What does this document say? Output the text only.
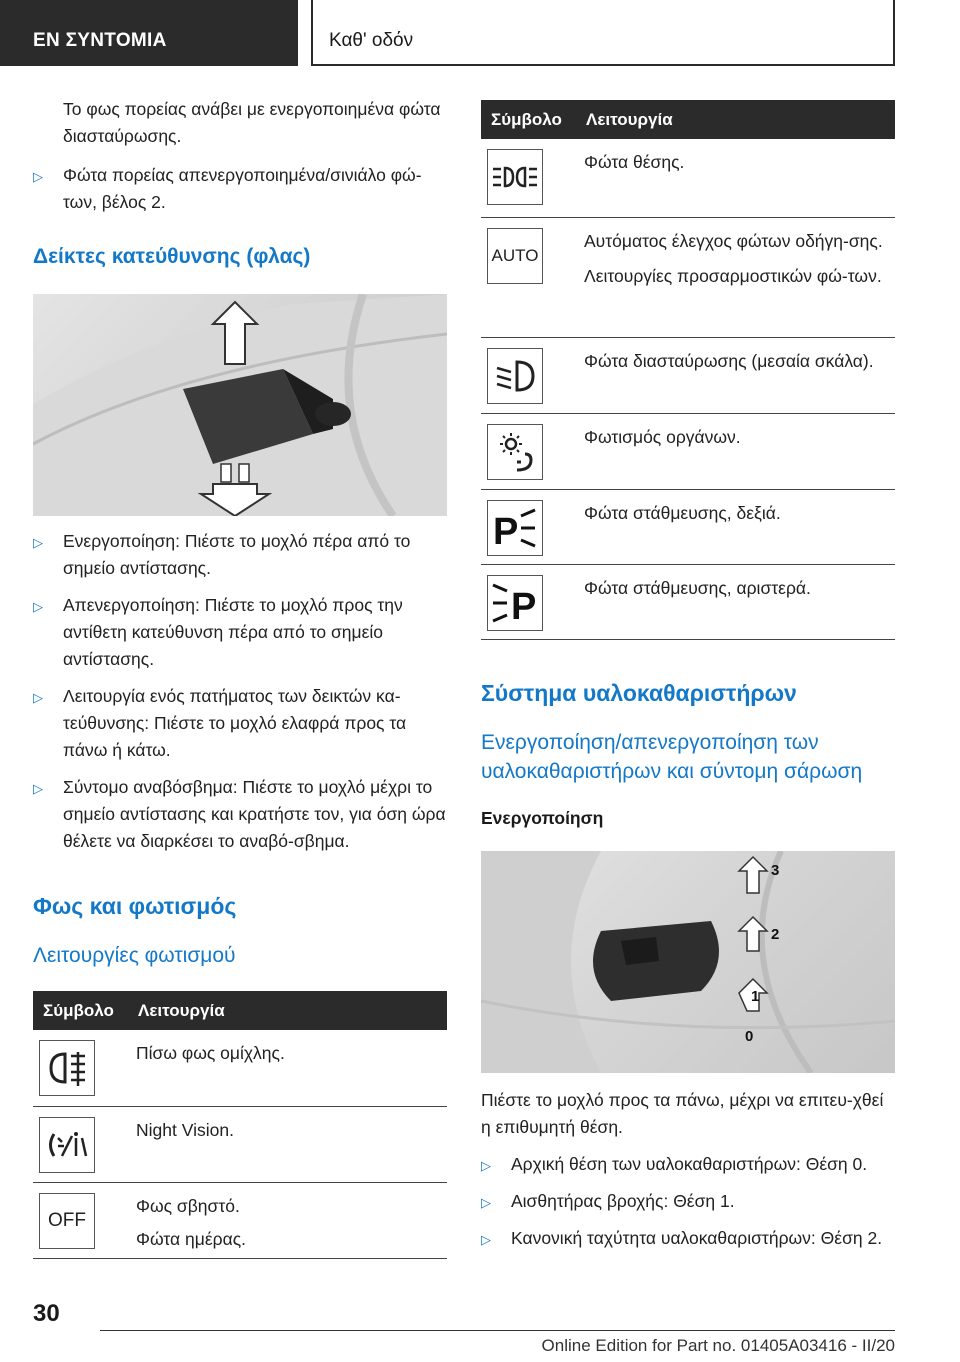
ΕΝ ΣΥΝΤΟΜΙΑ	Καθ' οδόν

Το φως πορείας ανάβει με ενεργοποιημένα φώτα διασταύρωσης.

▷ Φώτα πορείας απενεργοποιημένα/σινιάλο φώ‐των, βέλος 2.
Δείκτες κατεύθυνσης (φλας)
▷ Ενεργοποίηση: Πιέστε το μοχλό πέρα από το σημείο αντίστασης.
▷ Απενεργοποίηση: Πιέστε το μοχλό προς την αντίθετη κατεύθυνση πέρα από το σημείο αντίστασης.
▷ Λειτουργία ενός πατήματος των δεικτών κα‐τεύθυνσης: Πιέστε το μοχλό ελαφρά προς τα πάνω ή κάτω.
▷ Σύντομο αναβόσβημα: Πιέστε το μοχλό μέχρι το σημείο αντίστασης και κρατήστε τον, για όση ώρα θέλετε να διαρκέσει το αναβό‐σβημα.
Φως και φωτισμός
Λειτουργίες φωτισμού
Σύμβολο	Λειτουργία

	Πίσω φως ομίχλης.

	Night Vision.

OFF	Φως σβηστό.
Φώτα ημέρας.
Σύμβολο	Λειτουργία

	Φώτα θέσης.

AUTO	Αυτόματος έλεγχος φώτων οδήγη‐σης.
Λειτουργίες προσαρμοστικών φώ‐των.

	Φώτα διασταύρωσης (μεσαία σκάλα).

	Φωτισμός οργάνων.

P	Φώτα στάθμευσης, δεξιά.

P	Φώτα στάθμευσης, αριστερά.
Σύστημα υαλοκαθαριστήρων
Ενεργοποίηση/απενεργοποίηση των υαλοκαθαριστήρων και σύντομη σάρωση
Ενεργοποίηση
3
2
1
0

Πιέστε το μοχλό προς τα πάνω, μέχρι να επιτευ‐χθεί η επιθυμητή θέση.

▷ Αρχική θέση των υαλοκαθαριστήρων: Θέση 0.
▷ Αισθητήρας βροχής: Θέση 1.
▷ Κανονική ταχύτητα υαλοκαθαριστήρων: Θέση 2.
30
Online Edition for Part no. 01405A03416 - II/20
